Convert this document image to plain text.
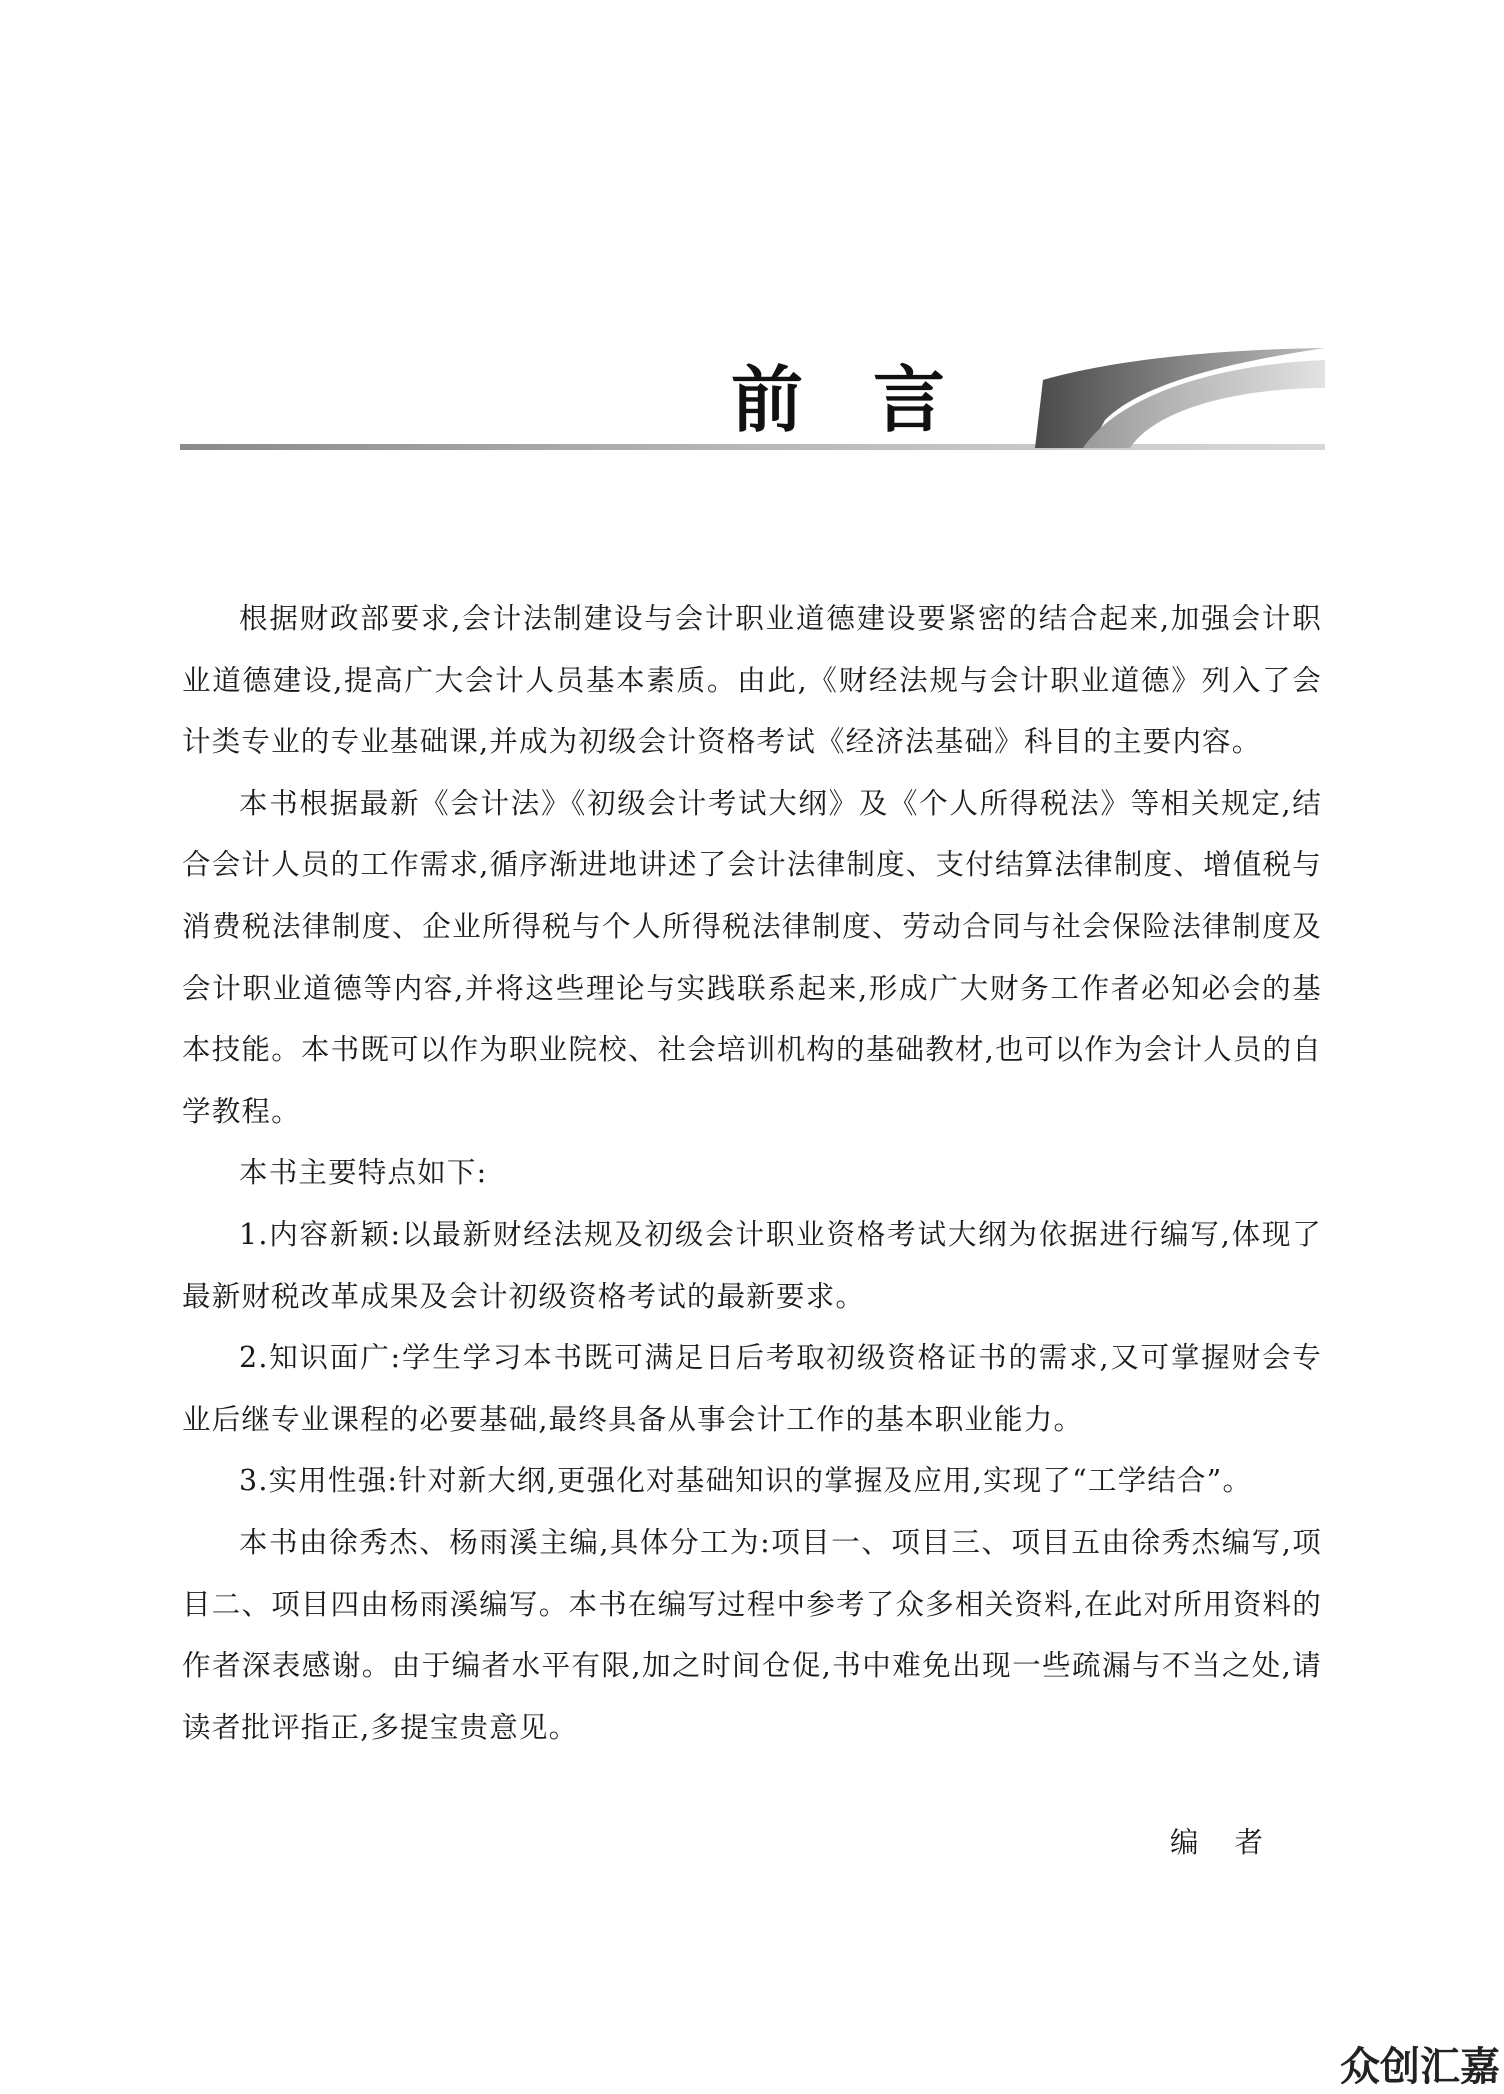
前言

根据财政部要求,会计法制建设与会计职业道德建设要紧密的结合起来,加强会计职业道德建设,提高广大会计人员基本素质。由此,《财经法规与会计职业道德》列入了会计类专业的专业基础课,并成为初级会计资格考试《经济法基础》科目的主要内容。

本书根据最新《会计法》《初级会计考试大纲》及《个人所得税法》等相关规定,结合会计人员的工作需求,循序渐进地讲述了会计法律制度、支付结算法律制度、增值税与消费税法律制度、企业所得税与个人所得税法律制度、劳动合同与社会保险法律制度及会计职业道德等内容,并将这些理论与实践联系起来,形成广大财务工作者必知必会的基本技能。本书既可以作为职业院校、社会培训机构的基础教材,也可以作为会计人员的自学教程。

本书主要特点如下:

1.内容新颖:以最新财经法规及初级会计职业资格考试大纲为依据进行编写,体现了最新财税改革成果及会计初级资格考试的最新要求。

2.知识面广:学生学习本书既可满足日后考取初级资格证书的需求,又可掌握财会专业后继专业课程的必要基础,最终具备从事会计工作的基本职业能力。

3.实用性强:针对新大纲,更强化对基础知识的掌握及应用,实现了“工学结合”。

本书由徐秀杰、杨雨溪主编,具体分工为:项目一、项目三、项目五由徐秀杰编写,项目二、项目四由杨雨溪编写。本书在编写过程中参考了众多相关资料,在此对所用资料的作者深表感谢。由于编者水平有限,加之时间仓促,书中难免出现一些疏漏与不当之处,请读者批评指正,多提宝贵意见。

编者
众创汇嘉
